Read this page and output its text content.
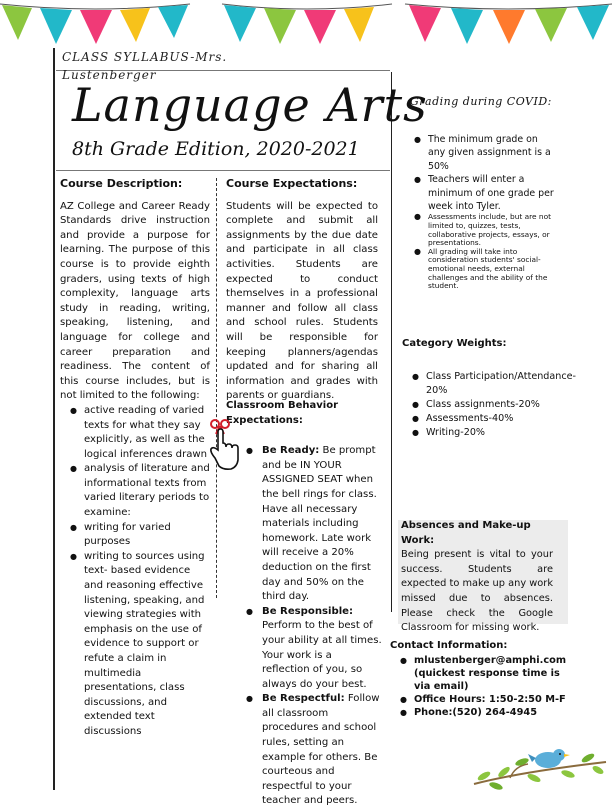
CLASS SYLLABUS-Mrs.
Lustenberger
Language Arts
8th Grade Edition, 2020-2021
Course Description:
AZ College and Career Ready Standards drive instruction and provide a purpose for learning. The purpose of this course is to provide eighth graders, using texts of high complexity, language arts study in reading, writing, speaking, listening, and language for college and career preparation and readiness. The content of this course includes, but is not limited to the following:
● active reading of varied texts for what they say explicitly, as well as the logical inferences drawn
● analysis of literature and informational texts from varied literary periods to examine:
● writing for varied purposes
● writing to sources using text- based evidence and reasoning effective listening, speaking, and viewing strategies with emphasis on the use of evidence to support or refute a claim in multimedia presentations, class discussions, and extended text discussions
Course Expectations:
Students will be expected to complete and submit all assignments by the due date and participate in all class activities. Students are expected to conduct themselves in a professional manner and follow all class and school rules. Students will be responsible for keeping planners/agendas updated and for sharing all information and grades with parents or guardians.
Classroom Behavior Expectations:
● Be Ready: Be prompt and be IN YOUR ASSIGNED SEAT when the bell rings for class. Have all necessary materials including homework. Late work will receive a 20% deduction on the first day and 50% on the third day.
● Be Responsible: Perform to the best of your ability at all times. Your work is a reflection of you, so always do your best.
● Be Respectful: Follow all classroom procedures and school rules, setting an example for others. Be courteous and respectful to your teacher and peers.
Grading during COVID:
● The minimum grade on any given assignment is a 50%
● Teachers will enter a minimum of one grade per week into Tyler.
● Assessments include, but are not limited to, quizzes, tests, collaborative projects, essays, or presentations.
● All grading will take into consideration students' social-emotional needs, external challenges and the ability of the student.
Category Weights:
● Class Participation/Attendance-20%
● Class assignments-20%
● Assessments-40%
● Writing-20%
Absences and Make-up Work:
Being present is vital to your success. Students are expected to make up any work missed due to absences. Please check the Google Classroom for missing work.
Contact Information:
● mlustenberger@amphi.com
(quickest response time is via email)
● Office Hours: 1:50-2:50 M-F
● Phone:(520) 264-4945
